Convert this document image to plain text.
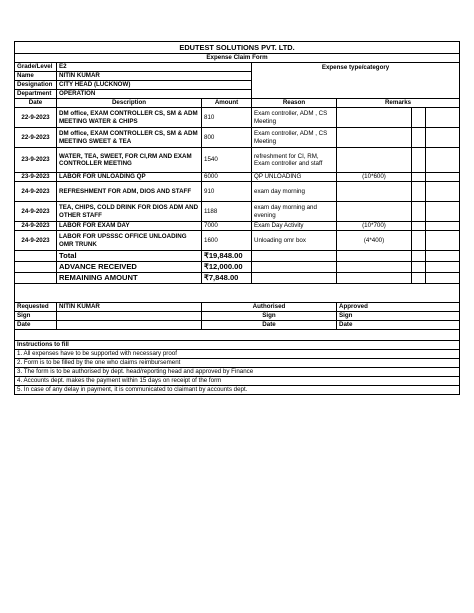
EDUTEST SOLUTIONS PVT. LTD.						
Expense Claim Form						
Grade/Level	E2		Expense type/category			
Name	NITIN KUMAR					
Designation	CITY HEAD (LUCKNOW)					
Department	OPERATION					
Date	Description	Amount	Reason	Remarks		
22-9-2023	DM office, EXAM CONTROLLER CS, SM & ADM MEETING WATER & CHIPS	810	Exam controller, ADM , CS Meeting			
22-9-2023	DM office, EXAM CONTROLLER CS, SM & ADM MEETING SWEET & TEA	800	Exam controller, ADM , CS Meeting			
23-9-2023	WATER, TEA, SWEET, FOR CI,RM AND EXAM CONTROLLER MEETING	1540	refreshment for CI, RM, Exam controller and staff			
23-9-2023	LABOR FOR UNLOADING QP	6000	QP UNLOADING	(10*600)		
24-9-2023	REFRESHMENT FOR ADM, DIOS AND STAFF	910	exam day morning			
24-9-2023	TEA, CHIPS, COLD DRINK FOR DIOS ADM AND OTHER STAFF	1188	exam day morning and evening			
24-9-2023	LABOR FOR EXAM DAY	7000	Exam Day Activity	(10*700)		
24-9-2023	LABOR FOR UPSSSC OFFICE UNLOADING OMR TRUNK	1600	Unloading omr box	(4*400)		
	Total	₹19,848.00				
	ADVANCE RECEIVED	₹12,000.00				
	REMAINING AMOUNT	₹7,848.00				

Requested	NITIN KUMAR	Authorised		Approved		
Sign		Sign		Sign		
Date		Date		Date		

Instructions to fill						
1. All expenses have to be supported with necessary proof						
2. Form is to be filled by the one who claims reimbursement						
3. The form is to be authorised by dept. head/reporting head and approved by Finance						
4. Accounts dept. makes the payment within 15 days on receipt of the form						
5. In case of any delay in payment, it is communicated to claimant by accounts dept.						
